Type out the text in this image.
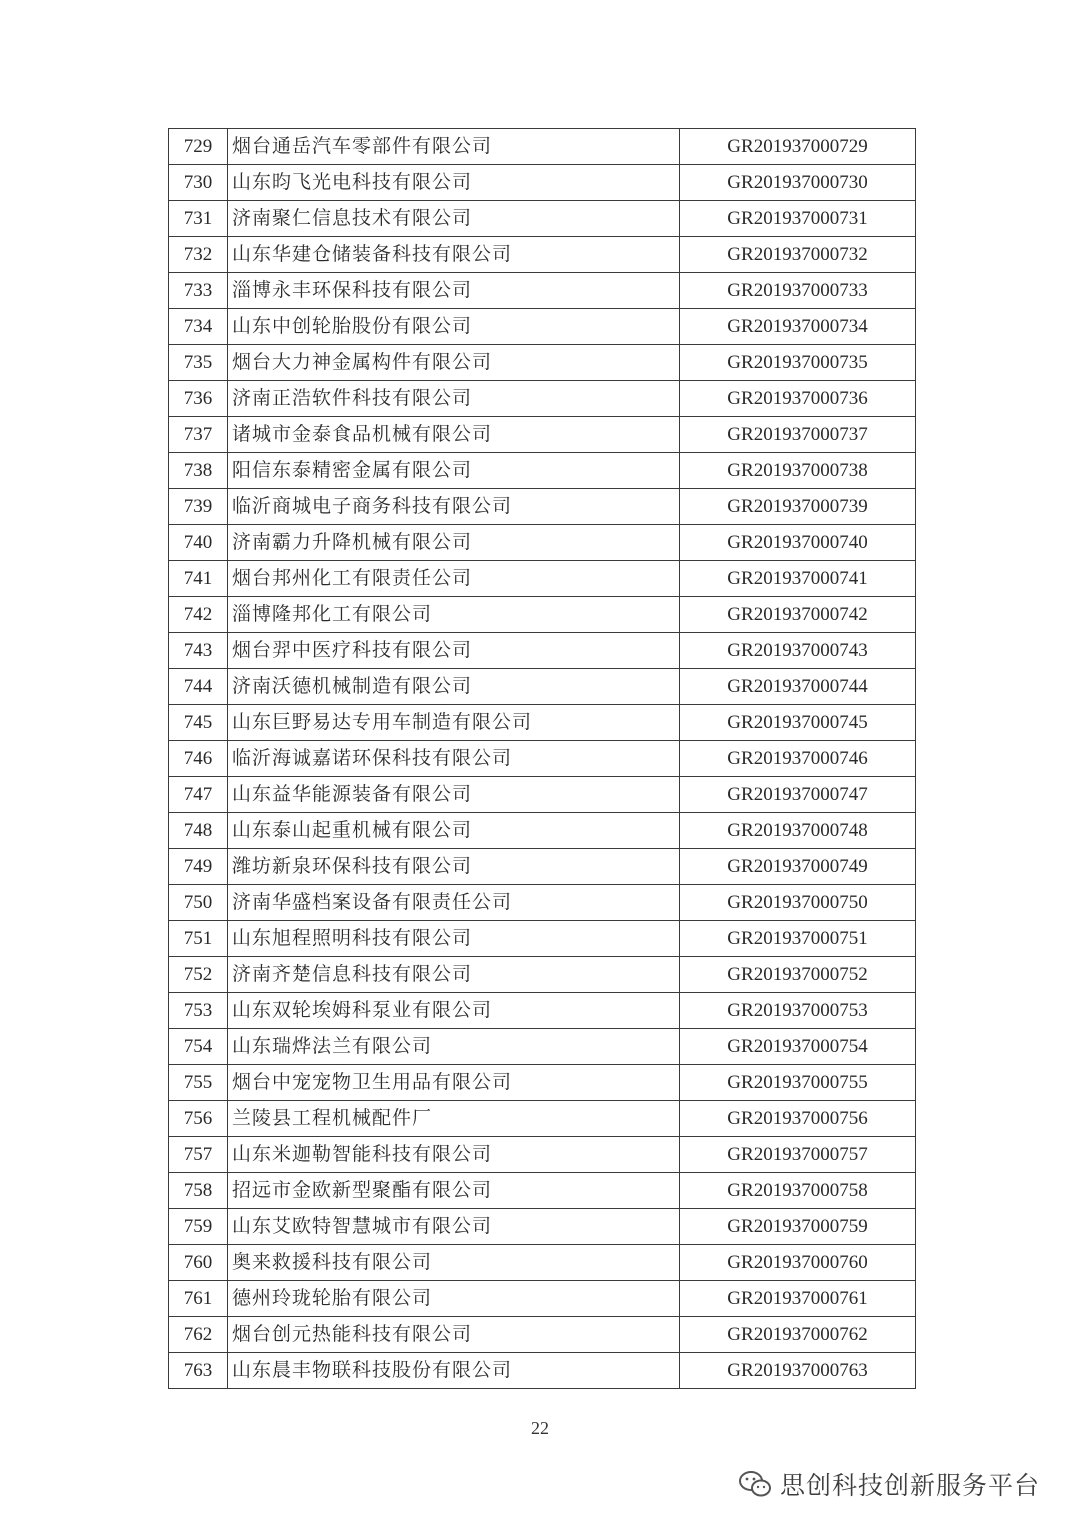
729	烟台通岳汽车零部件有限公司	GR201937000729
730	山东昀飞光电科技有限公司	GR201937000730
731	济南聚仁信息技术有限公司	GR201937000731
732	山东华建仓储装备科技有限公司	GR201937000732
733	淄博永丰环保科技有限公司	GR201937000733
734	山东中创轮胎股份有限公司	GR201937000734
735	烟台大力神金属构件有限公司	GR201937000735
736	济南正浩软件科技有限公司	GR201937000736
737	诸城市金泰食品机械有限公司	GR201937000737
738	阳信东泰精密金属有限公司	GR201937000738
739	临沂商城电子商务科技有限公司	GR201937000739
740	济南霸力升降机械有限公司	GR201937000740
741	烟台邦州化工有限责任公司	GR201937000741
742	淄博隆邦化工有限公司	GR201937000742
743	烟台羿中医疗科技有限公司	GR201937000743
744	济南沃德机械制造有限公司	GR201937000744
745	山东巨野易达专用车制造有限公司	GR201937000745
746	临沂海诚嘉诺环保科技有限公司	GR201937000746
747	山东益华能源装备有限公司	GR201937000747
748	山东泰山起重机械有限公司	GR201937000748
749	潍坊新泉环保科技有限公司	GR201937000749
750	济南华盛档案设备有限责任公司	GR201937000750
751	山东旭程照明科技有限公司	GR201937000751
752	济南齐楚信息科技有限公司	GR201937000752
753	山东双轮埃姆科泵业有限公司	GR201937000753
754	山东瑞烨法兰有限公司	GR201937000754
755	烟台中宠宠物卫生用品有限公司	GR201937000755
756	兰陵县工程机械配件厂	GR201937000756
757	山东米迦勒智能科技有限公司	GR201937000757
758	招远市金欧新型聚酯有限公司	GR201937000758
759	山东艾欧特智慧城市有限公司	GR201937000759
760	奥来救援科技有限公司	GR201937000760
761	德州玲珑轮胎有限公司	GR201937000761
762	烟台创元热能科技有限公司	GR201937000762
763	山东晨丰物联科技股份有限公司	GR201937000763
22
思创科技创新服务平台
